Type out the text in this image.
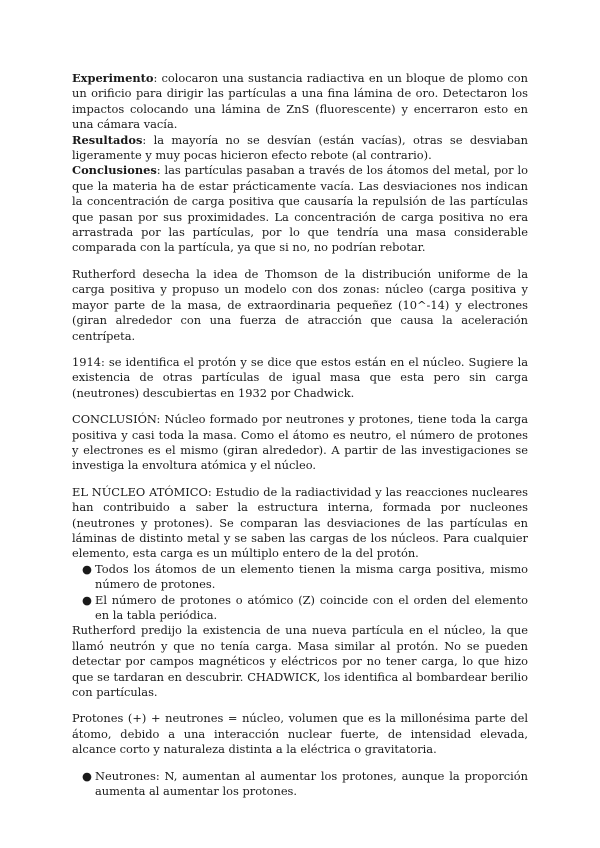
Experimento: colocaron una sustancia radiactiva en un bloque de plomo con un orificio para dirigir las partículas a una fina lámina de oro. Detectaron los impactos colocando una lámina de ZnS (fluorescente) y encerraron esto en una cámara vacía.

Resultados: la mayoría no se desvían (están vacías), otras se desviaban ligeramente y muy pocas hicieron efecto rebote (al contrario).

Conclusiones: las partículas pasaban a través de los átomos del metal, por lo que la materia ha de estar prácticamente vacía. Las desviaciones nos indican la concentración de carga positiva que causaría la repulsión de las partículas que pasan por sus proximidades. La concentración de carga positiva no era arrastrada por las partículas, por lo que tendría una masa considerable comparada con la partícula, ya que si no, no podrían rebotar.

Rutherford desecha la idea de Thomson de la distribución uniforme de la carga positiva y propuso un modelo con dos zonas: núcleo (carga positiva y mayor parte de la masa, de extraordinaria pequeñez (10^-14) y electrones (giran alrededor con una fuerza de atracción que causa la aceleración centrípeta.

1914: se identifica el protón y se dice que estos están en el núcleo. Sugiere la existencia de otras partículas de igual masa que esta pero sin carga (neutrones) descubiertas en 1932 por Chadwick.

CONCLUSIÓN: Núcleo formado por neutrones y protones, tiene toda la carga positiva y casi toda la masa. Como el átomo es neutro, el número de protones y electrones es el mismo (giran alrededor). A partir de las investigaciones se investiga la envoltura atómica y el núcleo.

EL NÚCLEO ATÓMICO: Estudio de la radiactividad y las reacciones nucleares han contribuido a saber la estructura interna, formada por nucleones (neutrones y protones). Se comparan las desviaciones de las partículas en láminas de distinto metal y se saben las cargas de los núcleos. Para cualquier elemento, esta carga es un múltiplo entero de la del protón.

● Todos los átomos de un elemento tienen la misma carga positiva, mismo número de protones.
● El número de protones o atómico (Z) coincide con el orden del elemento en la tabla periódica.

Rutherford predijo la existencia de una nueva partícula en el núcleo, la que llamó neutrón y que no tenía carga. Masa similar al protón. No se pueden detectar por campos magnéticos y eléctricos por no tener carga, lo que hizo que se tardaran en descubrir. CHADWICK, los identifica al bombardear berilio con partículas.

Protones (+) + neutrones = núcleo, volumen que es la millonésima parte del átomo, debido a una interacción nuclear fuerte, de intensidad elevada, alcance corto y naturaleza distinta a la eléctrica o gravitatoria.

● Neutrones: N, aumentan al aumentar los protones, aunque la proporción aumenta al aumentar los protones.
